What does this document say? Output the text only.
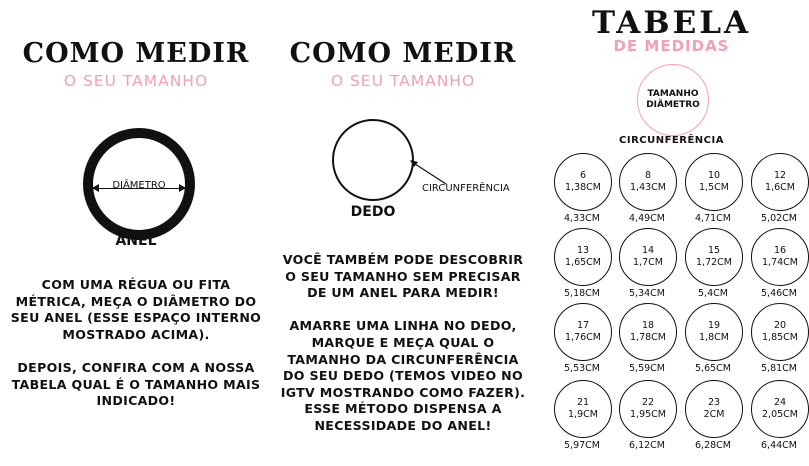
COMO MEDIR
O SEU TAMANHO
DIÂMETRO
ANEL

COM UMA RÉGUA OU FITA

MÉTRICA, MEÇA O DIÂMETRO DO

SEU ANEL (ESSE ESPAÇO INTERNO

MOSTRADO ACIMA).

DEPOIS, CONFIRA COM A NOSSA

TABELA QUAL É O TAMANHO MAIS

INDICADO!

COMO MEDIR
O SEU TAMANHO
CIRCUNFERÊNCIA
DEDO

VOCÊ TAMBÉM PODE DESCOBRIR

O SEU TAMANHO SEM PRECISAR

DE UM ANEL PARA MEDIR!

AMARRE UMA LINHA NO DEDO,

MARQUE E MEÇA QUAL O

TAMANHO DA CIRCUNFERÊNCIA

DO SEU DEDO (TEMOS VIDEO NO

IGTV MOSTRANDO COMO FAZER).

ESSE MÉTODO DISPENSA A

NECESSIDADE DO ANEL!

TABELA
DE MEDIDAS
TAMANHO
DIÂMETRO
CIRCUNFERÊNCIA
6
1,38CM
4,33CM
8
1,43CM
4,49CM
10
1,5CM
4,71CM
12
1,6CM
5,02CM
13
1,65CM
5,18CM
14
1,7CM
5,34CM
15
1,72CM
5,4CM
16
1,74CM
5,46CM
17
1,76CM
5,53CM
18
1,78CM
5,59CM
19
1,8CM
5,65CM
20
1,85CM
5,81CM
21
1,9CM
5,97CM
22
1,95CM
6,12CM
23
2CM
6,28CM
24
2,05CM
6,44CM
